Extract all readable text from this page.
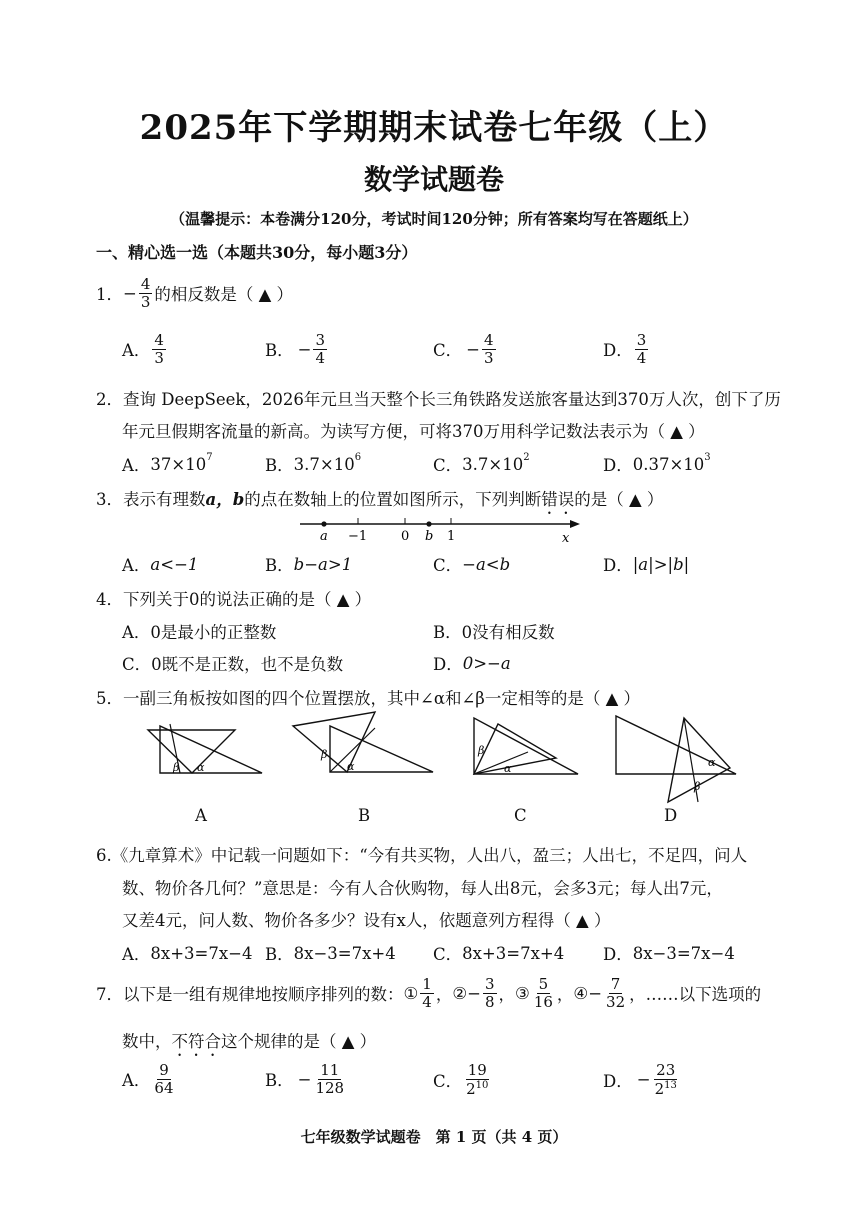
2025年下学期期末试卷七年级（上）
数学试题卷
（温馨提示：本卷满分120分，考试时间120分钟；所有答案均写在答题纸上）
一、精心选一选（本题共30分，每小题3分）
1． − $\frac{4}{3}$ 的相反数是（ ▲ ）
A． $\frac{4}{3}$	B． − $\frac{3}{4}$	C． − $\frac{4}{3}$	D． $\frac{3}{4}$
2．查询 DeepSeek，2026年元旦当天整个长三角铁路发送旅客量达到370万人次，创下了历
年元旦假期客流量的新高。为读写方便，可将370万用科学记数法表示为（ ▲ ）
A． $37\times 10^7$	B． $3.7\times 10^6$	C． $3.7\times 10^2$	D． $0.37\times 10^3$
3．表示有理数a，b的点在数轴上的位置如图所示，下列判断错误的是（ ▲ ）
a −1	0 b 1	x
A． a<−1	B． b−a>1	C． −a<b	D． |a|>|b|
4．下列关于0的说法正确的是（ ▲ ）
A． 0是最小的正整数	B． 0没有相反数
C． 0既不是正数，也不是负数	D． 0>−a
5．一副三角板按如图的四个位置摆放，其中∠α和∠β一定相等的是（ ▲ ）
β α
β
α
β
α	α
β
A	B	C	D
6.《九章算术》中记载一问题如下：“今有共买物，人出八，盈三；人出七，不足四，问人
数、物价各几何？”意思是：今有人合伙购物，每人出8元，会多3元；每人出7元，
又差4元，问人数、物价各多少？设有x人，依题意列方程得（ ▲ ）
A． 8x+3=7x−4 B． 8x−3=7x+4 C． 8x+3=7x+4 D． 8x−3=7x−4
7．以下是一组有规律地按顺序排列的数： ① $\frac{1}{4}$ ， ② − $\frac{3}{8}$ ， ③ $\frac{5}{16}$ ， ④ − $\frac{7}{32}$ ，……以下选项的
数中，不符合这个规律的是（ ▲ ）
A． $\frac{9}{64}$	B． − $\frac{11}{128}$	C． $\frac{19}{2^{10}}$	D． − $\frac{23}{2^{13}}$
七年级数学试题卷　第 1 页（共 4 页）
